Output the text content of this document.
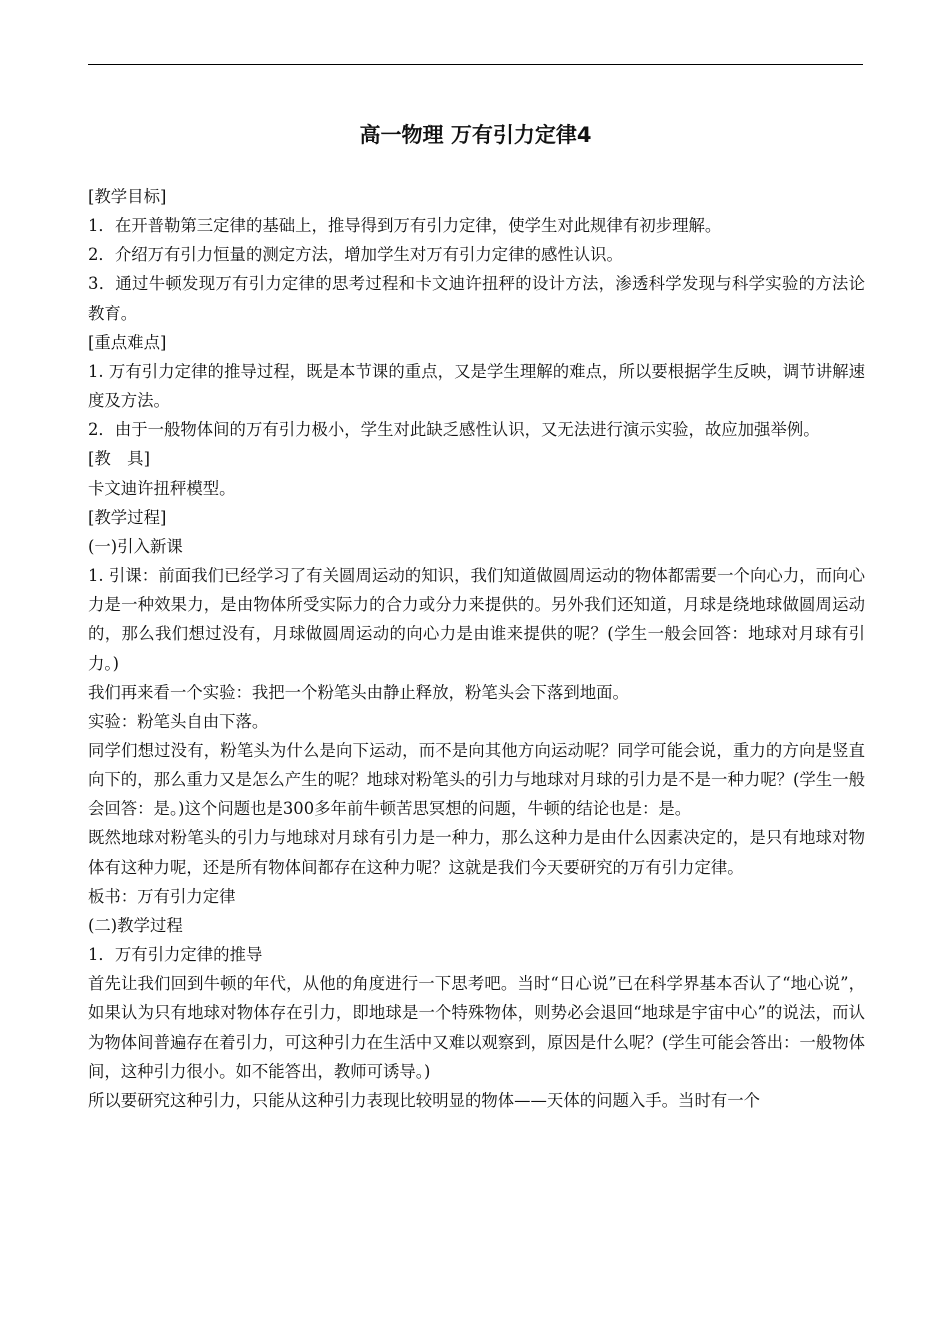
高一物理 万有引力定律4

[教学目标]

1．在开普勒第三定律的基础上，推导得到万有引力定律，使学生对此规律有初步理解。

2．介绍万有引力恒量的测定方法，增加学生对万有引力定律的感性认识。

3．通过牛顿发现万有引力定律的思考过程和卡文迪许扭秤的设计方法，渗透科学发现与科学实验的方法论教育。

[重点难点]

1. 万有引力定律的推导过程，既是本节课的重点，又是学生理解的难点，所以要根据学生反映，调节讲解速度及方法。

2．由于一般物体间的万有引力极小，学生对此缺乏感性认识，又无法进行演示实验，故应加强举例。

[教　具]

卡文迪许扭秤模型。

[教学过程]

(一)引入新课

1. 引课：前面我们已经学习了有关圆周运动的知识，我们知道做圆周运动的物体都需要一个向心力，而向心力是一种效果力，是由物体所受实际力的合力或分力来提供的。另外我们还知道，月球是绕地球做圆周运动的，那么我们想过没有，月球做圆周运动的向心力是由谁来提供的呢？(学生一般会回答：地球对月球有引力。)

我们再来看一个实验：我把一个粉笔头由静止释放，粉笔头会下落到地面。

实验：粉笔头自由下落。

同学们想过没有，粉笔头为什么是向下运动，而不是向其他方向运动呢？同学可能会说，重力的方向是竖直向下的，那么重力又是怎么产生的呢？地球对粉笔头的引力与地球对月球的引力是不是一种力呢？(学生一般会回答：是。)这个问题也是300多年前牛顿苦思冥想的问题，牛顿的结论也是：是。

既然地球对粉笔头的引力与地球对月球有引力是一种力，那么这种力是由什么因素决定的，是只有地球对物体有这种力呢，还是所有物体间都存在这种力呢？这就是我们今天要研究的万有引力定律。

板书：万有引力定律

(二)教学过程

1．万有引力定律的推导

首先让我们回到牛顿的年代，从他的角度进行一下思考吧。当时“日心说”已在科学界基本否认了“地心说”，如果认为只有地球对物体存在引力，即地球是一个特殊物体，则势必会退回“地球是宇宙中心”的说法，而认为物体间普遍存在着引力，可这种引力在生活中又难以观察到，原因是什么呢？(学生可能会答出：一般物体间，这种引力很小。如不能答出，教师可诱导。)

所以要研究这种引力，只能从这种引力表现比较明显的物体——天体的问题入手。当时有一个
